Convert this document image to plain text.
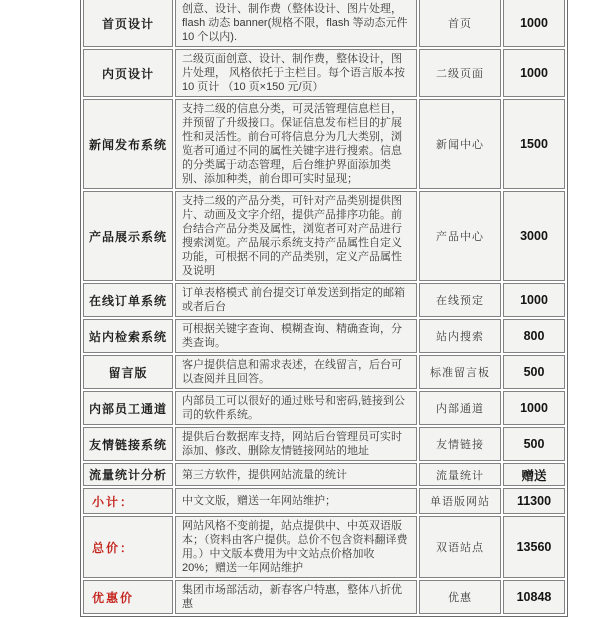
首页设计	创意、设计、制作费（整体设计、图片处理，flash 动态 banner(规格不限，flash 等动态元件 10 个以内).	首页	1000
内页设计	二级页面创意、设计、制作费，整体设计，图片处理， 风格依托于主栏目。每个语言版本按 10 页计 （10 页×150 元/页）	二级页面	1000
新闻发布系统	支持二级的信息分类，可灵活管理信息栏目，并预留了升级接口。保证信息发布栏目的扩展性和灵活性。前台可将信息分为几大类别，浏览者可通过不同的属性关键字进行搜索。信息的分类属于动态管理，后台维护界面添加类别、添加种类，前台即可实时显现；	新闻中心	1500
产品展示系统	支持二级的产品分类，可针对产品类别提供图片、动画及文字介绍，提供产品排序功能。前台结合产品分类及属性，浏览者可对产品进行搜索浏览。产品展示系统支持产品属性自定义功能，可根据不同的产品类别，定义产品属性及说明	产品中心	3000
在线订单系统	订单表格模式 前台提交订单发送到指定的邮箱或者后台	在线预定	1000
站内检索系统	可根据关键字查询、模糊查询、精确查询，分类查询。	站内搜索	800
留言版	客户提供信息和需求表述，在线留言，后台可以查阅并且回答。	标准留言板	500
内部员工通道	内部员工可以很好的通过账号和密码,链接到公司的软件系统。	内部通道	1000
友情链接系统	提供后台数据库支持，网站后台管理员可实时添加、修改、删除友情链接网站的地址	友情链接	500
流量统计分析	第三方软件，提供网站流量的统计	流量统计	赠送
小计：	中文文版，赠送一年网站维护；	单语版网站	11300
总价：	网站风格不变前提，站点提供中、中英双语版本；（资料由客户提供。总价不包含资料翻译费用。）中文版本费用为中文站点价格加收 20%；赠送一年网站维护	双语站点	13560
优惠价	集团市场部活动，新春客户特惠，整体八折优惠	优惠	10848
